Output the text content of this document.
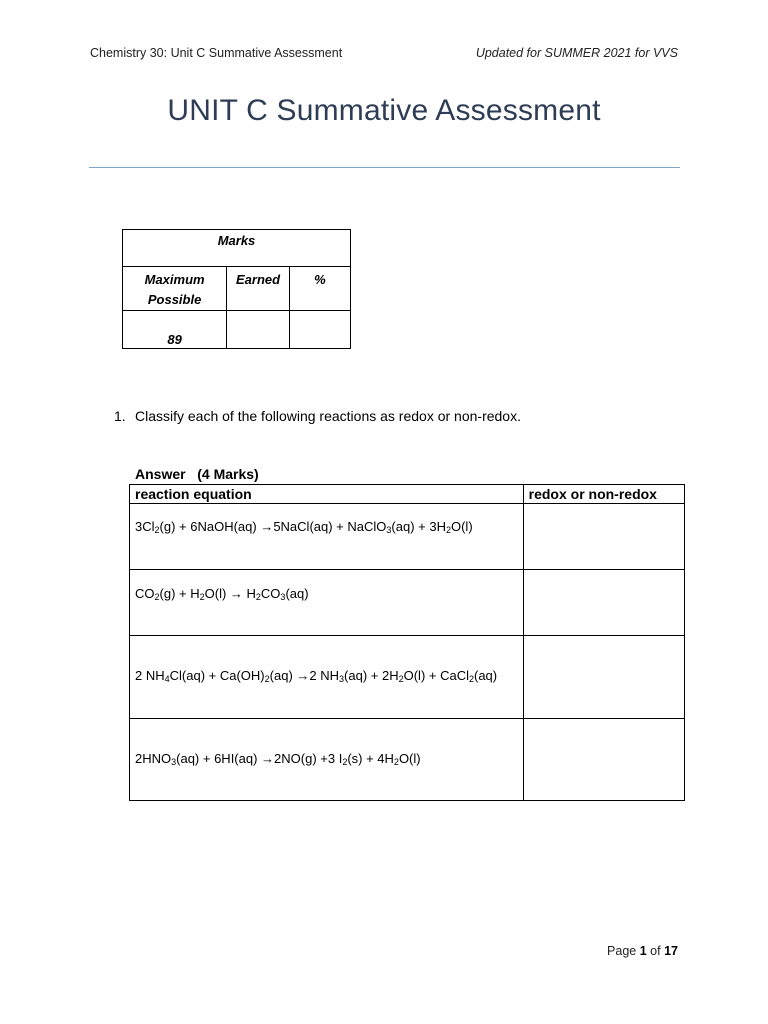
Chemistry 30: Unit C Summative Assessment	Updated for SUMMER 2021 for VVS
UNIT C Summative Assessment
Marks		
Maximum
Possible	Earned	%
89		
1. Classify each of the following reactions as redox or non-redox.
Answer   (4 Marks)
reaction equation	redox or non-redox

$3Cl_2(g)$ + 6NaOH(aq) →5NaCl(aq) + NaClO$_3$(aq) + $3H_2O(l)$	

$CO_2(g) + H_2O(l) \to H_2CO_3(aq)$	

2 $NH_4Cl(aq) + Ca(OH)_2(aq) \to 2$ $NH_3(aq) + 2H_2O(l)$ + CaCl$_2$(aq)	

$2HNO_3(aq) + 6HI(aq) \to 2NO(g) +3$ $I_2(s) + 4H_2O(l)$	

Page 1 of 17
